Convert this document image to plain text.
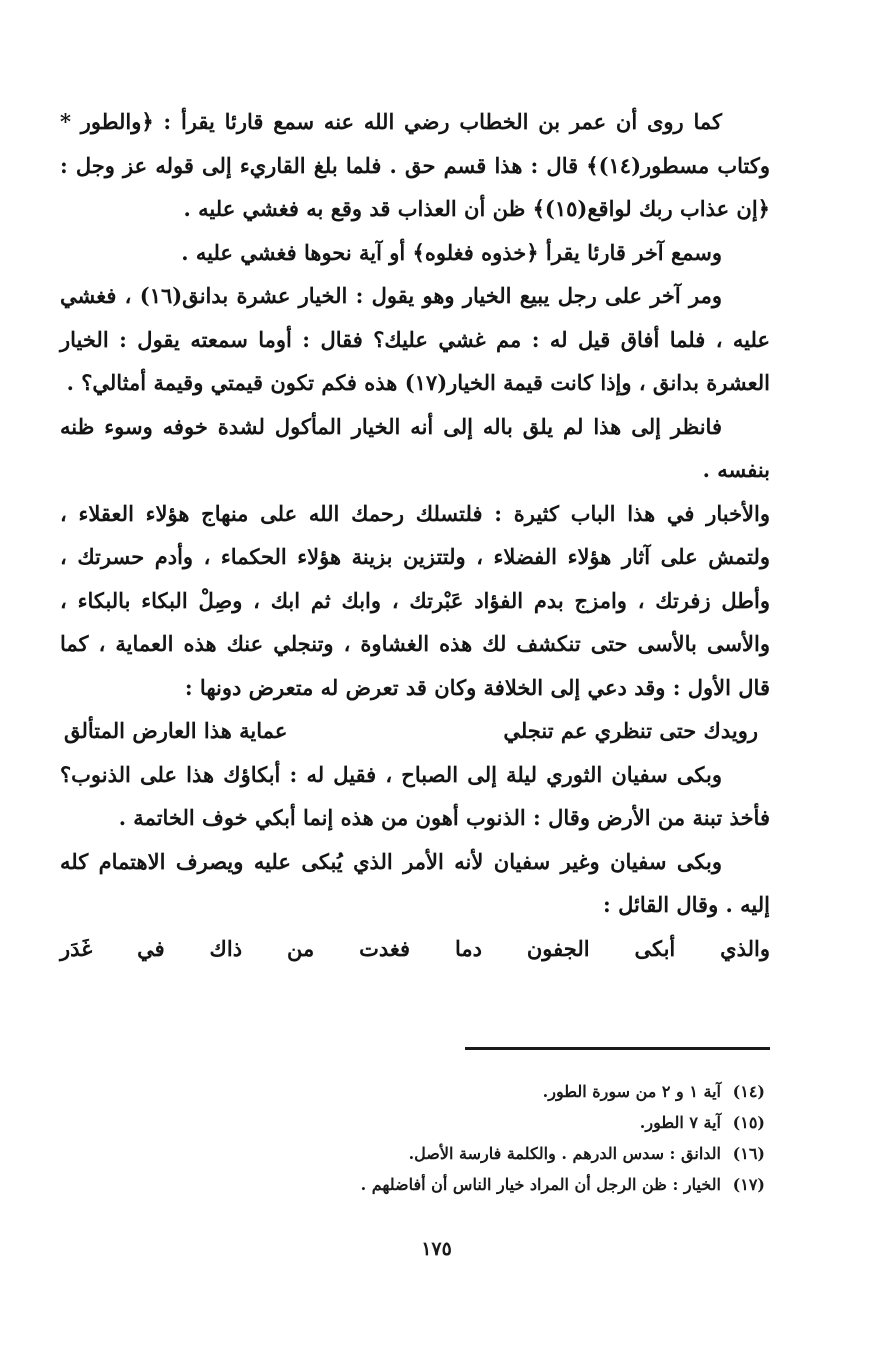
كما روى أن عمر بن الخطاب رضي الله عنه سمع قارئا يقرأ : ﴿والطور * وكتاب مسطور(١٤)﴾ قال : هذا قسم حق . فلما بلغ القاريء إلى قوله عز وجل : ﴿إن عذاب ربك لواقع(١٥)﴾ ظن أن العذاب قد وقع به فغشي عليه .

وسمع آخر قارئا يقرأ ﴿خذوه فغلوه﴾ أو آية نحوها فغشي عليه .

ومر آخر على رجل يبيع الخيار وهو يقول : الخيار عشرة بدانق(١٦) ، فغشي عليه ، فلما أفاق قيل له : مم غشي عليك؟ فقال : أوما سمعته يقول : الخيار العشرة بدانق ، وإذا كانت قيمة الخيار(١٧) هذه فكم تكون قيمتي وقيمة أمثالي؟ .

فانظر إلى هذا لم يلق باله إلى أنه الخيار المأكول لشدة خوفه وسوء ظنه بنفسه .

والأخبار في هذا الباب كثيرة : فلتسلك رحمك الله على منهاج هؤلاء العقلاء ، ولتمش على آثار هؤلاء الفضلاء ، ولتتزين بزينة هؤلاء الحكماء ، وأدم حسرتك ، وأطل زفرتك ، وامزج بدم الفؤاد عَبْرتك ، وابك ثم ابك ، وصِلْ البكاء بالبكاء ، والأسى بالأسى حتى تنكشف لك هذه الغشاوة ، وتنجلي عنك هذه العماية ، كما قال الأول : وقد دعي إلى الخلافة وكان قد تعرض له متعرض دونها :

رويدك حتى تنظري عم تنجلي
عماية هذا العارض المتألق

وبكى سفيان الثوري ليلة إلى الصباح ، فقيل له : أبكاؤك هذا على الذنوب؟ فأخذ تبنة من الأرض وقال : الذنوب أهون من هذه إنما أبكي خوف الخاتمة .

وبكى سفيان وغير سفيان لأنه الأمر الذي يُبكى عليه ويصرف الاهتمام كله إليه . وقال القائل :

والذي
أبكى
الجفون
دما
فغدت
من
ذاك
في
غَدَر
(١٤)آية ١ و ٢ من سورة الطور.
(١٥)آية ٧ الطور.
(١٦)الدانق : سدس الدرهم . والكلمة فارسة الأصل.
(١٧)الخيار : ظن الرجل أن المراد خيار الناس أن أفاضلهم .
١٧٥
